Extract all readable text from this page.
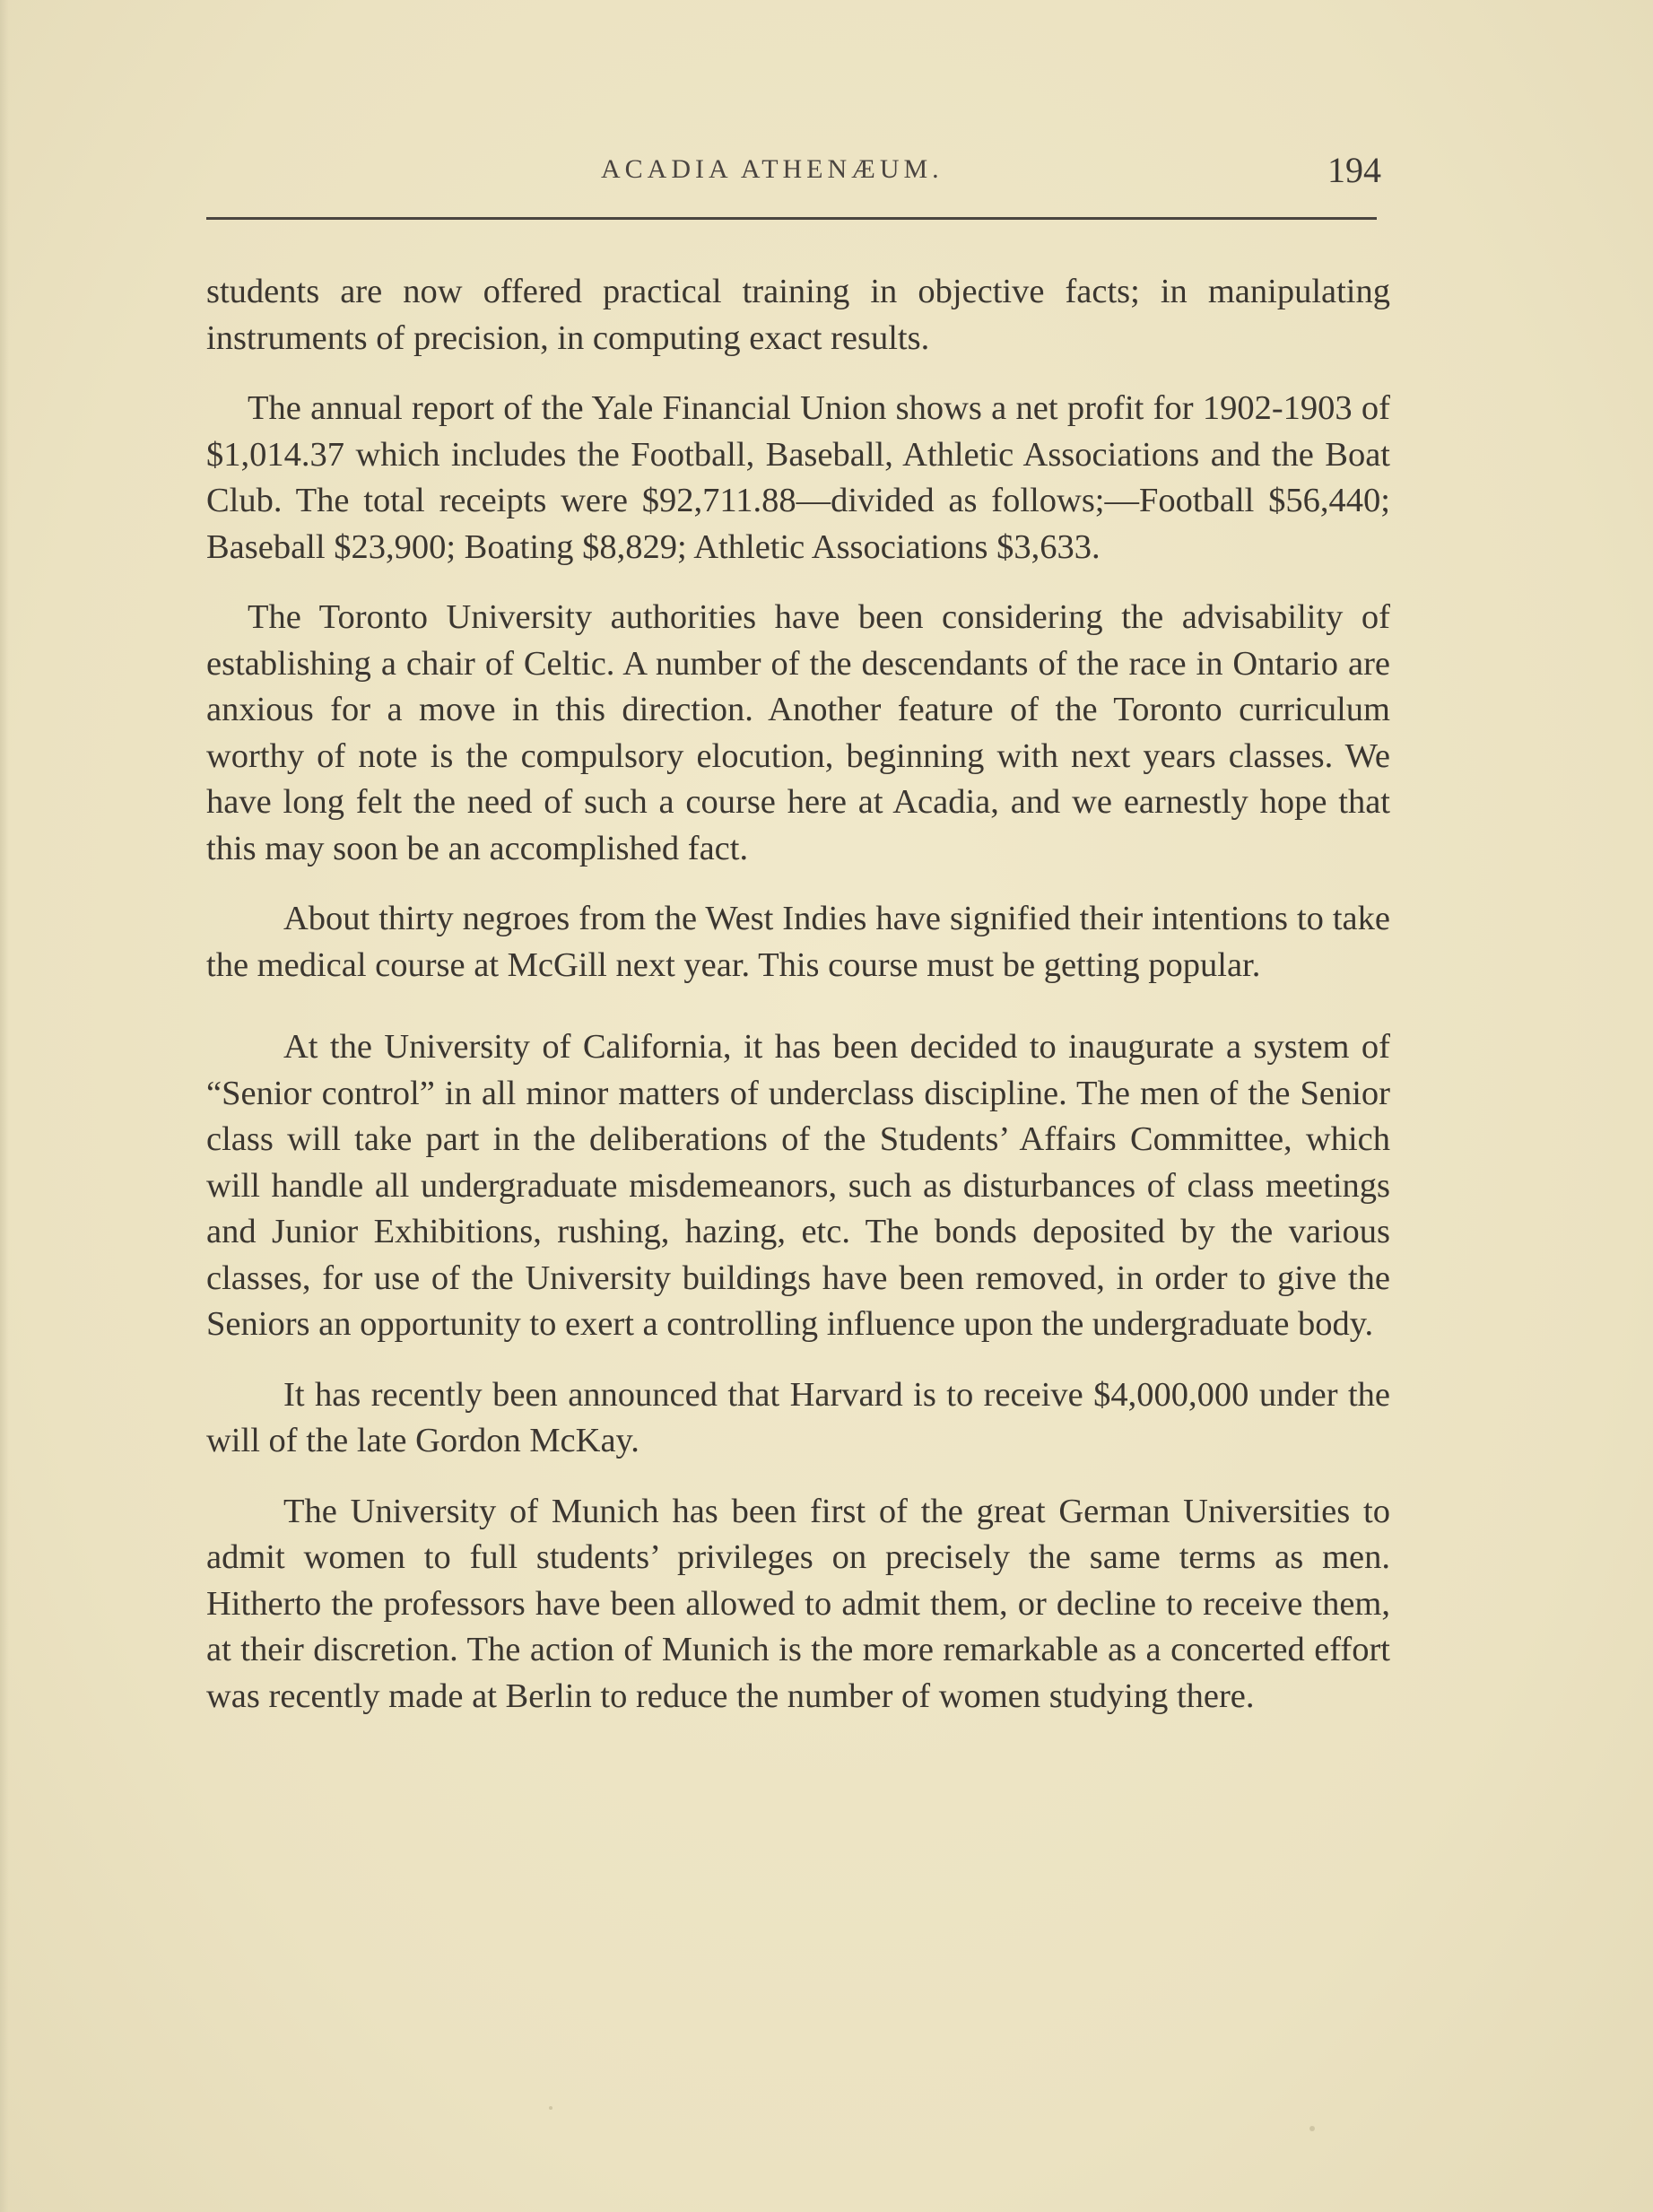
ACADIA ATHENÆUM.	194

students are now offered practical training in objective facts; in manipulating instruments of precision, in computing exact results.

The annual report of the Yale Financial Union shows a net profit for 1902-1903 of $1,014.37 which includes the Football, Baseball, Athletic Associations and the Boat Club. The total receipts were $92,711.88—divided as follows;—Football $56,440; Baseball $23,900; Boating $8,829; Athletic Associations $3,633.

The Toronto University authorities have been considering the advisability of establishing a chair of Celtic. A number of the descendants of the race in Ontario are anxious for a move in this direction. Another feature of the Toronto curriculum worthy of note is the compulsory elocution, beginning with next years classes. We have long felt the need of such a course here at Acadia, and we earnestly hope that this may soon be an accomplished fact.

About thirty negroes from the West Indies have signified their intentions to take the medical course at McGill next year. This course must be getting popular.

At the University of California, it has been decided to inaugurate a system of “Senior control” in all minor matters of underclass discipline. The men of the Senior class will take part in the deliberations of the Students’ Affairs Committee, which will handle all undergraduate misdemeanors, such as disturbances of class meetings and Junior Exhibitions, rushing, hazing, etc. The bonds deposited by the various classes, for use of the University buildings have been removed, in order to give the Seniors an opportunity to exert a controlling influence upon the undergraduate body.

It has recently been announced that Harvard is to receive $4,000,000 under the will of the late Gordon McKay.

The University of Munich has been first of the great German Universities to admit women to full students’ privileges on precisely the same terms as men. Hitherto the professors have been allowed to admit them, or decline to receive them, at their discretion. The action of Munich is the more remarkable as a concerted effort was recently made at Berlin to reduce the number of women studying there.
